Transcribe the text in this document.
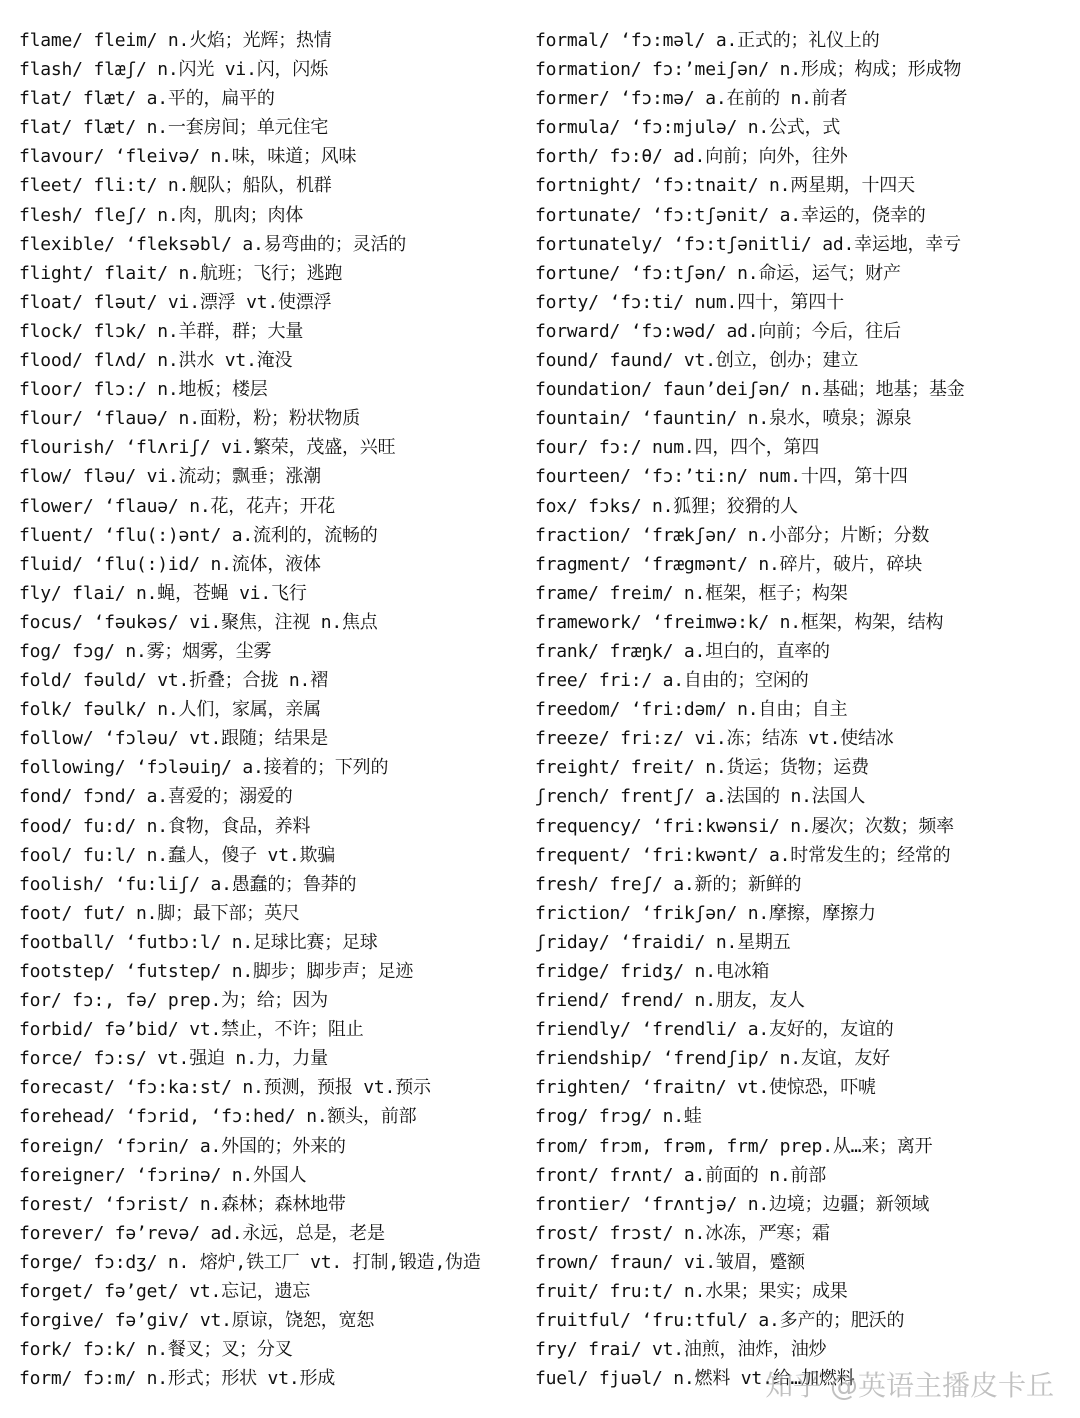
flame/ fleim/ n.火焰；光辉；热情
flash/ flæʃ/ n.闪光 vi.闪，闪烁
flat/ flæt/ a.平的，扁平的
flat/ flæt/ n.一套房间；单元住宅
flavour/ ‘fleivə/ n.味，味道；风味
fleet/ fli:t/ n.舰队；船队，机群
flesh/ fleʃ/ n.肉，肌肉；肉体
flexible/ ‘fleksəbl/ a.易弯曲的；灵活的
flight/ flait/ n.航班；飞行；逃跑
float/ fləut/ vi.漂浮 vt.使漂浮
flock/ flɔk/ n.羊群，群；大量
flood/ flʌd/ n.洪水 vt.淹没
floor/ flɔ:/ n.地板；楼层
flour/ ‘flauə/ n.面粉，粉；粉状物质
flourish/ ‘flʌriʃ/ vi.繁荣，茂盛，兴旺
flow/ fləu/ vi.流动；飘垂；涨潮
flower/ ‘flauə/ n.花，花卉；开花
fluent/ ‘flu(:)ənt/ a.流利的，流畅的
fluid/ ‘flu(:)id/ n.流体，液体
fly/ flai/ n.蝇，苍蝇 vi.飞行
focus/ ‘fəukəs/ vi.聚焦，注视 n.焦点
fog/ fɔg/ n.雾；烟雾，尘雾
fold/ fəuld/ vt.折叠；合拢 n.褶
folk/ fəulk/ n.人们，家属，亲属
follow/ ‘fɔləu/ vt.跟随；结果是
following/ ‘fɔləuiŋ/ a.接着的；下列的
fond/ fɔnd/ a.喜爱的；溺爱的
food/ fu:d/ n.食物，食品，养料
fool/ fu:l/ n.蠢人，傻子 vt.欺骗
foolish/ ‘fu:liʃ/ a.愚蠢的；鲁莽的
foot/ fut/ n.脚；最下部；英尺
football/ ‘futbɔ:l/ n.足球比赛；足球
footstep/ ‘futstep/ n.脚步；脚步声；足迹
for/ fɔ:, fə/ prep.为；给；因为
forbid/ fə’bid/ vt.禁止，不许；阻止
force/ fɔ:s/ vt.强迫 n.力，力量
forecast/ ‘fɔ:ka:st/ n.预测，预报 vt.预示
forehead/ ‘fɔrid, ‘fɔ:hed/ n.额头，前部
foreign/ ‘fɔrin/ a.外国的；外来的
foreigner/ ‘fɔrinə/ n.外国人
forest/ ‘fɔrist/ n.森林；森林地带
forever/ fə’revə/ ad.永远，总是，老是
forge/ fɔ:dʒ/ n. 熔炉,铁工厂 vt. 打制,锻造,伪造
forget/ fə’get/ vt.忘记，遗忘
forgive/ fə’giv/ vt.原谅，饶恕，宽恕
fork/ fɔ:k/ n.餐叉；叉；分叉
form/ fɔ:m/ n.形式；形状 vt.形成
formal/ ‘fɔ:məl/ a.正式的；礼仪上的
formation/ fɔ:’meiʃən/ n.形成；构成；形成物
former/ ‘fɔ:mə/ a.在前的 n.前者
formula/ ‘fɔ:mjulə/ n.公式，式
forth/ fɔ:θ/ ad.向前；向外，往外
fortnight/ ‘fɔ:tnait/ n.两星期，十四天
fortunate/ ‘fɔ:tʃənit/ a.幸运的，侥幸的
fortunately/ ‘fɔ:tʃənitli/ ad.幸运地，幸亏
fortune/ ‘fɔ:tʃən/ n.命运，运气；财产
forty/ ‘fɔ:ti/ num.四十，第四十
forward/ ‘fɔ:wəd/ ad.向前；今后，往后
found/ faund/ vt.创立，创办；建立
foundation/ faun’deiʃən/ n.基础；地基；基金
fountain/ ‘fauntin/ n.泉水，喷泉；源泉
four/ fɔ:/ num.四，四个，第四
fourteen/ ‘fɔ:’ti:n/ num.十四，第十四
fox/ fɔks/ n.狐狸；狡猾的人
fraction/ ‘frækʃən/ n.小部分；片断；分数
fragment/ ‘frægmənt/ n.碎片，破片，碎块
frame/ freim/ n.框架，框子；构架
framework/ ‘freimwə:k/ n.框架，构架，结构
frank/ fræŋk/ a.坦白的，直率的
free/ fri:/ a.自由的；空闲的
freedom/ ‘fri:dəm/ n.自由；自主
freeze/ fri:z/ vi.冻；结冻 vt.使结冰
freight/ freit/ n.货运；货物；运费
ʃrench/ frentʃ/ a.法国的 n.法国人
frequency/ ‘fri:kwənsi/ n.屡次；次数；频率
frequent/ ‘fri:kwənt/ a.时常发生的；经常的
fresh/ freʃ/ a.新的；新鲜的
friction/ ‘frikʃən/ n.摩擦，摩擦力
ʃriday/ ‘fraidi/ n.星期五
fridge/ fridʒ/ n.电冰箱
friend/ frend/ n.朋友，友人
friendly/ ‘frendli/ a.友好的，友谊的
friendship/ ‘frendʃip/ n.友谊，友好
frighten/ ‘fraitn/ vt.使惊恐，吓唬
frog/ frɔg/ n.蛙
from/ frɔm, frəm, frm/ prep.从…来；离开
front/ frʌnt/ a.前面的 n.前部
frontier/ ‘frʌntjə/ n.边境；边疆；新领域
frost/ frɔst/ n.冰冻，严寒；霜
frown/ fraun/ vi.皱眉，蹙额
fruit/ fru:t/ n.水果；果实；成果
fruitful/ ‘fru:tful/ a.多产的；肥沃的
fry/ frai/ vt.油煎，油炸，油炒
fuel/ fjuəl/ n.燃料 vt.给…加燃料
知乎 @英语主播皮卡丘
